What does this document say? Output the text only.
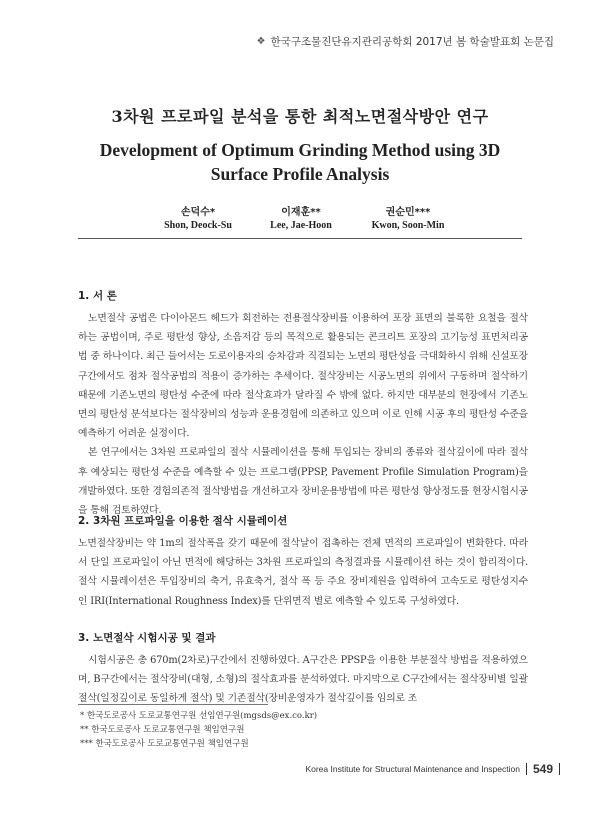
❖ 한국구조물진단유지관리공학회 2017년 봄 학술발표회 논문집
3차원 프로파일 분석을 통한 최적노면절삭방안 연구
Development of Optimum Grinding Method using 3D Surface Profile Analysis
손덕수*
Shon, Deock-Su
이재훈**
Lee, Jae-Hoon
권순민***
Kwon, Soon-Min

1. 서 론

노면절삭 공법은 다이아몬드 헤드가 회전하는 전용절삭장비를 이용하여 포장 표면의 불록한 요철을 절삭하는 공법이며, 주로 평탄성 향상, 소음저감 등의 목적으로 활용되는 콘크리트 포장의 고기능성 표면처리공법 중 하나이다. 최근 들어서는 도로이용자의 승차감과 직결되는 노면의 평탄성을 극대화하시 위해 신설포장구간에서도 점차 절삭공법의 적용이 증가하는 추세이다. 절삭장비는 시공노면의 위에서 구동하며 절삭하기 때문에 기존노면의 평탄성 수준에 따라 절삭효과가 달라질 수 밖에 없다. 하지만 대부분의 현장에서 기존노면의 평탄성 분석보다는 절삭장비의 성능과 운용경험에 의존하고 있으며 이로 인해 시공 후의 평탄성 수준을 예측하기 어려운 실정이다.

본 연구에서는 3차원 프로파일의 절삭 시뮬레이션을 통해 투입되는 장비의 종류와 절삭깊이에 따라 절삭 후 예상되는 평탄성 수준을 예측할 수 있는 프로그램(PPSP, Pavement Profile Simulation Program)을 개발하였다. 또한 경험의존적 절삭방법을 개선하고자 장비운용방법에 따른 평탄성 향상정도를 현장시험시공을 통해 검토하였다.

2. 3차원 프로파일을 이용한 절삭 시뮬레이션

노면절삭장비는 약 1m의 절삭폭을 갖기 때문에 절삭날이 접촉하는 전체 면적의 프로파일이 변화한다. 따라서 단일 프로파일이 아닌 면적에 해당하는 3차원 프로파일의 측정결과를 시뮬레이션 하는 것이 합리적이다. 절삭 시뮬레이션은 투입장비의 축거, 유효축거, 절삭 폭 등 주요 장비제원을 입력하여 고속도로 평탄성지수인 IRI(International Roughness Index)를 단위면적 별로 예측할 수 있도록 구성하였다.

3. 노면절삭 시험시공 및 결과

시험시공은 총 670m(2차로)구간에서 진행하였다. A구간은 PPSP을 이용한 부분절삭 방법을 적용하였으며, B구간에서는 절삭장비(대형, 소형)의 절삭효과를 분석하였다. 마지막으로 C구간에서는 절삭장비별 일괄절삭(일정깊이로 동일하게 절삭) 및 기존절삭(장비운영자가 절삭깊이를 임의로 조

* 한국도로공사 도로교통연구원 선임연구원(mgsds@ex.co.kr)
** 한국도로공사 도로교통연구원 책임연구원
*** 한국도로공사 도로교통연구원 책임연구원
Korea Institute for Structural Maintenance and Inspection 549
